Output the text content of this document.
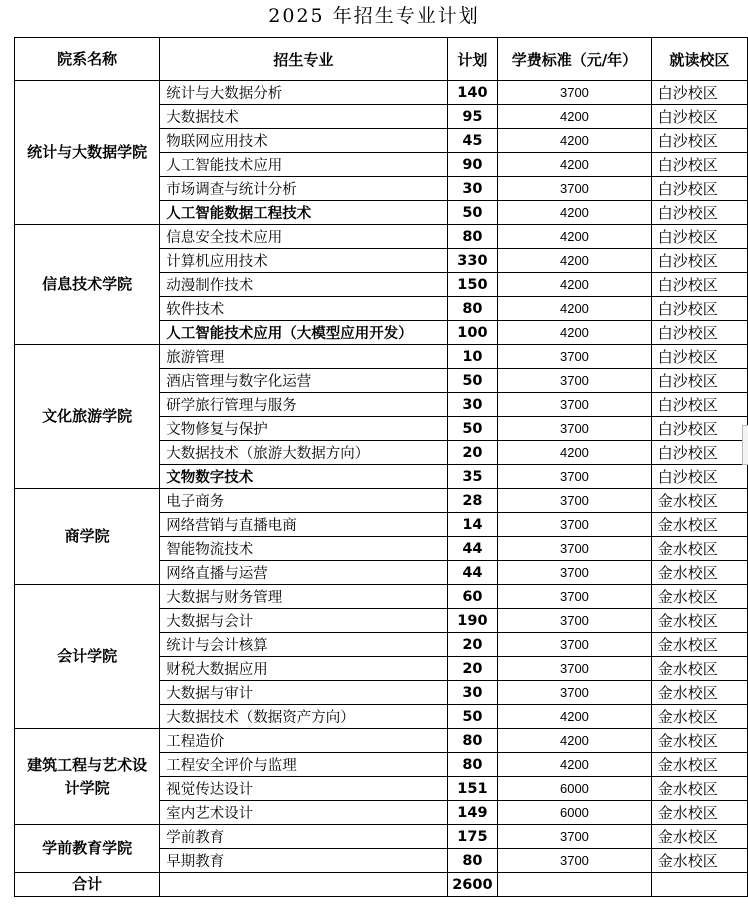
2025 年招生专业计划
院系名称	招生专业	计划	学费标准（元/年）	就读校区
统计与大数据学院	统计与大数据分析	140	3700	白沙校区
	大数据技术	95	4200	白沙校区
	物联网应用技术	45	4200	白沙校区
	人工智能技术应用	90	4200	白沙校区
	市场调查与统计分析	30	3700	白沙校区
	人工智能数据工程技术	50	4200	白沙校区
信息技术学院	信息安全技术应用	80	4200	白沙校区
	计算机应用技术	330	4200	白沙校区
	动漫制作技术	150	4200	白沙校区
	软件技术	80	4200	白沙校区
	人工智能技术应用（大模型应用开发）	100	4200	白沙校区
文化旅游学院	旅游管理	10	3700	白沙校区
	酒店管理与数字化运营	50	3700	白沙校区
	研学旅行管理与服务	30	3700	白沙校区
	文物修复与保护	50	3700	白沙校区
	大数据技术（旅游大数据方向）	20	4200	白沙校区
	文物数字技术	35	3700	白沙校区
商学院	电子商务	28	3700	金水校区
	网络营销与直播电商	14	3700	金水校区
	智能物流技术	44	3700	金水校区
	网络直播与运营	44	3700	金水校区
会计学院	大数据与财务管理	60	3700	金水校区
	大数据与会计	190	3700	金水校区
	统计与会计核算	20	3700	金水校区
	财税大数据应用	20	3700	金水校区
	大数据与审计	30	3700	金水校区
	大数据技术（数据资产方向）	50	4200	金水校区
建筑工程与艺术设计学院	工程造价	80	4200	金水校区
	工程安全评价与监理	80	4200	金水校区
	视觉传达设计	151	6000	金水校区
	室内艺术设计	149	6000	金水校区
学前教育学院	学前教育	175	3700	金水校区
	早期教育	80	3700	金水校区
合计		2600		
